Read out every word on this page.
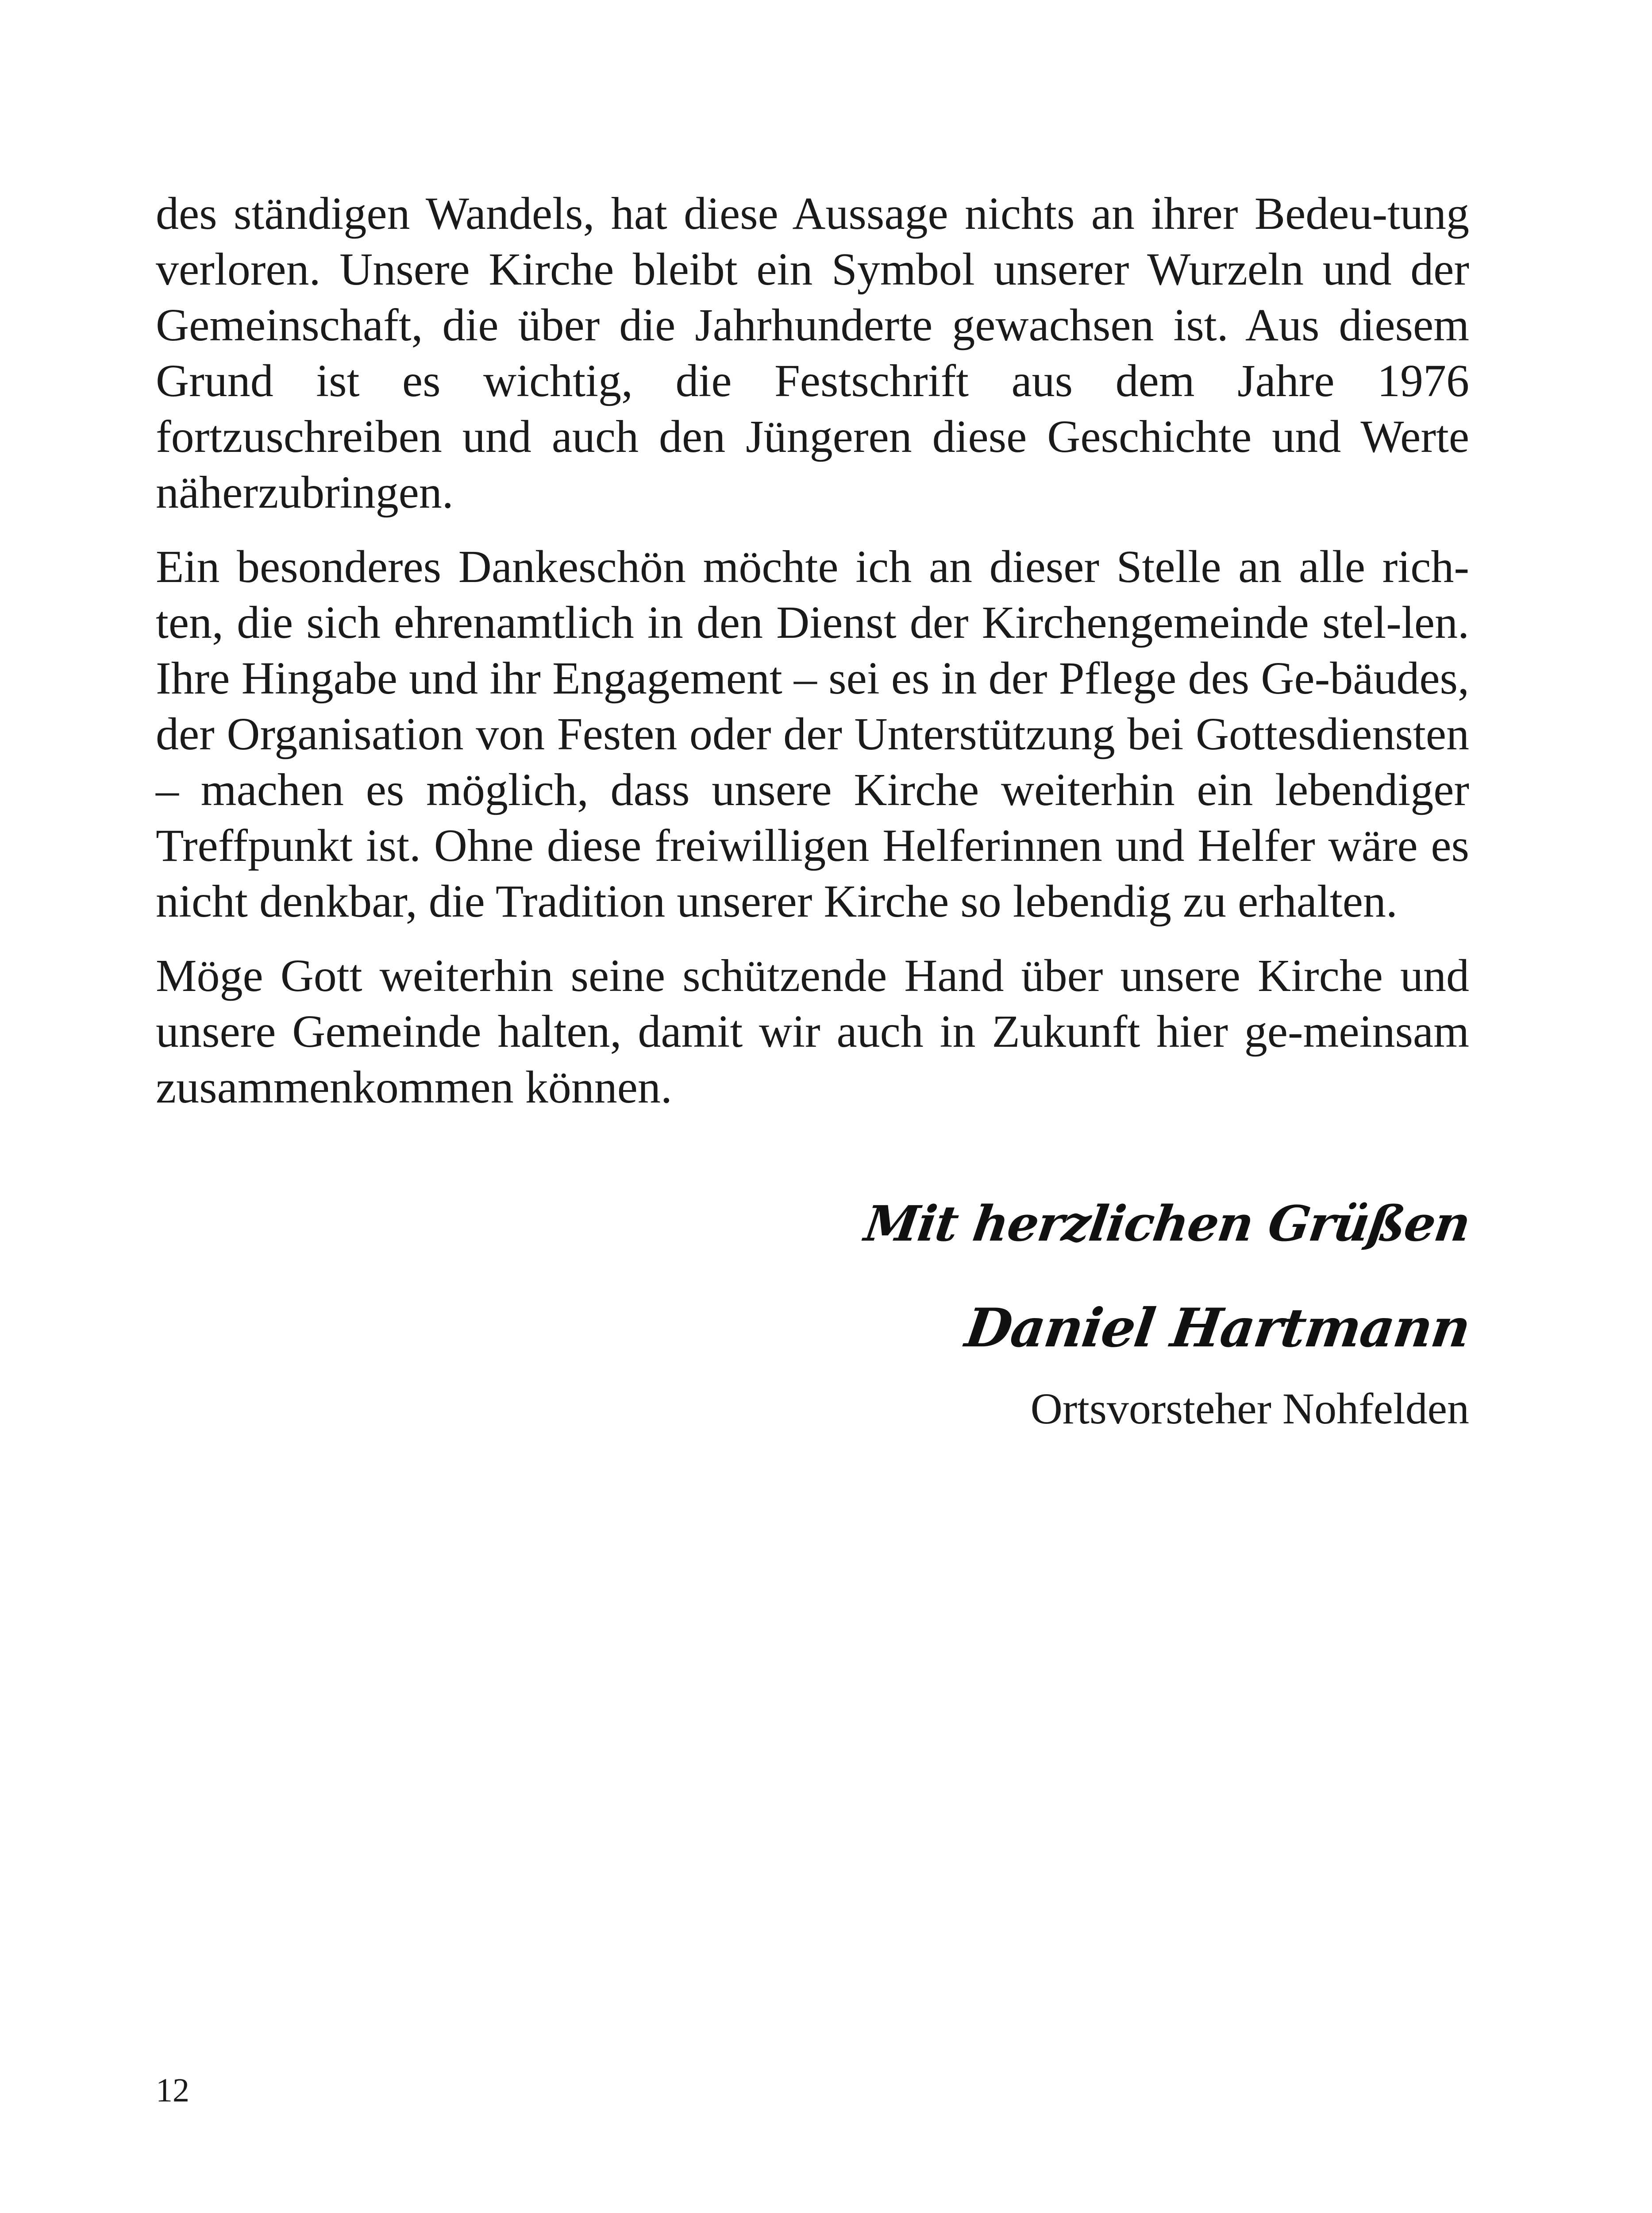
des ständigen Wandels, hat diese Aussage nichts an ihrer Bedeu-tung verloren. Unsere Kirche bleibt ein Symbol unserer Wurzeln und der Gemeinschaft, die über die Jahrhunderte gewachsen ist. Aus diesem Grund ist es wichtig, die Festschrift aus dem Jahre 1976 fortzuschreiben und auch den Jüngeren diese Geschichte und Werte näherzubringen.

Ein besonderes Dankeschön möchte ich an dieser Stelle an alle rich-ten, die sich ehrenamtlich in den Dienst der Kirchengemeinde stel-len. Ihre Hingabe und ihr Engagement – sei es in der Pflege des Ge-bäudes, der Organisation von Festen oder der Unterstützung bei Gottesdiensten – machen es möglich, dass unsere Kirche weiterhin ein lebendiger Treffpunkt ist. Ohne diese freiwilligen Helferinnen und Helfer wäre es nicht denkbar, die Tradition unserer Kirche so lebendig zu erhalten.

Möge Gott weiterhin seine schützende Hand über unsere Kirche und unsere Gemeinde halten, damit wir auch in Zukunft hier ge-meinsam zusammenkommen können.

Mit herzlichen Grüßen
Daniel Hartmann
Ortsvorsteher Nohfelden
12
